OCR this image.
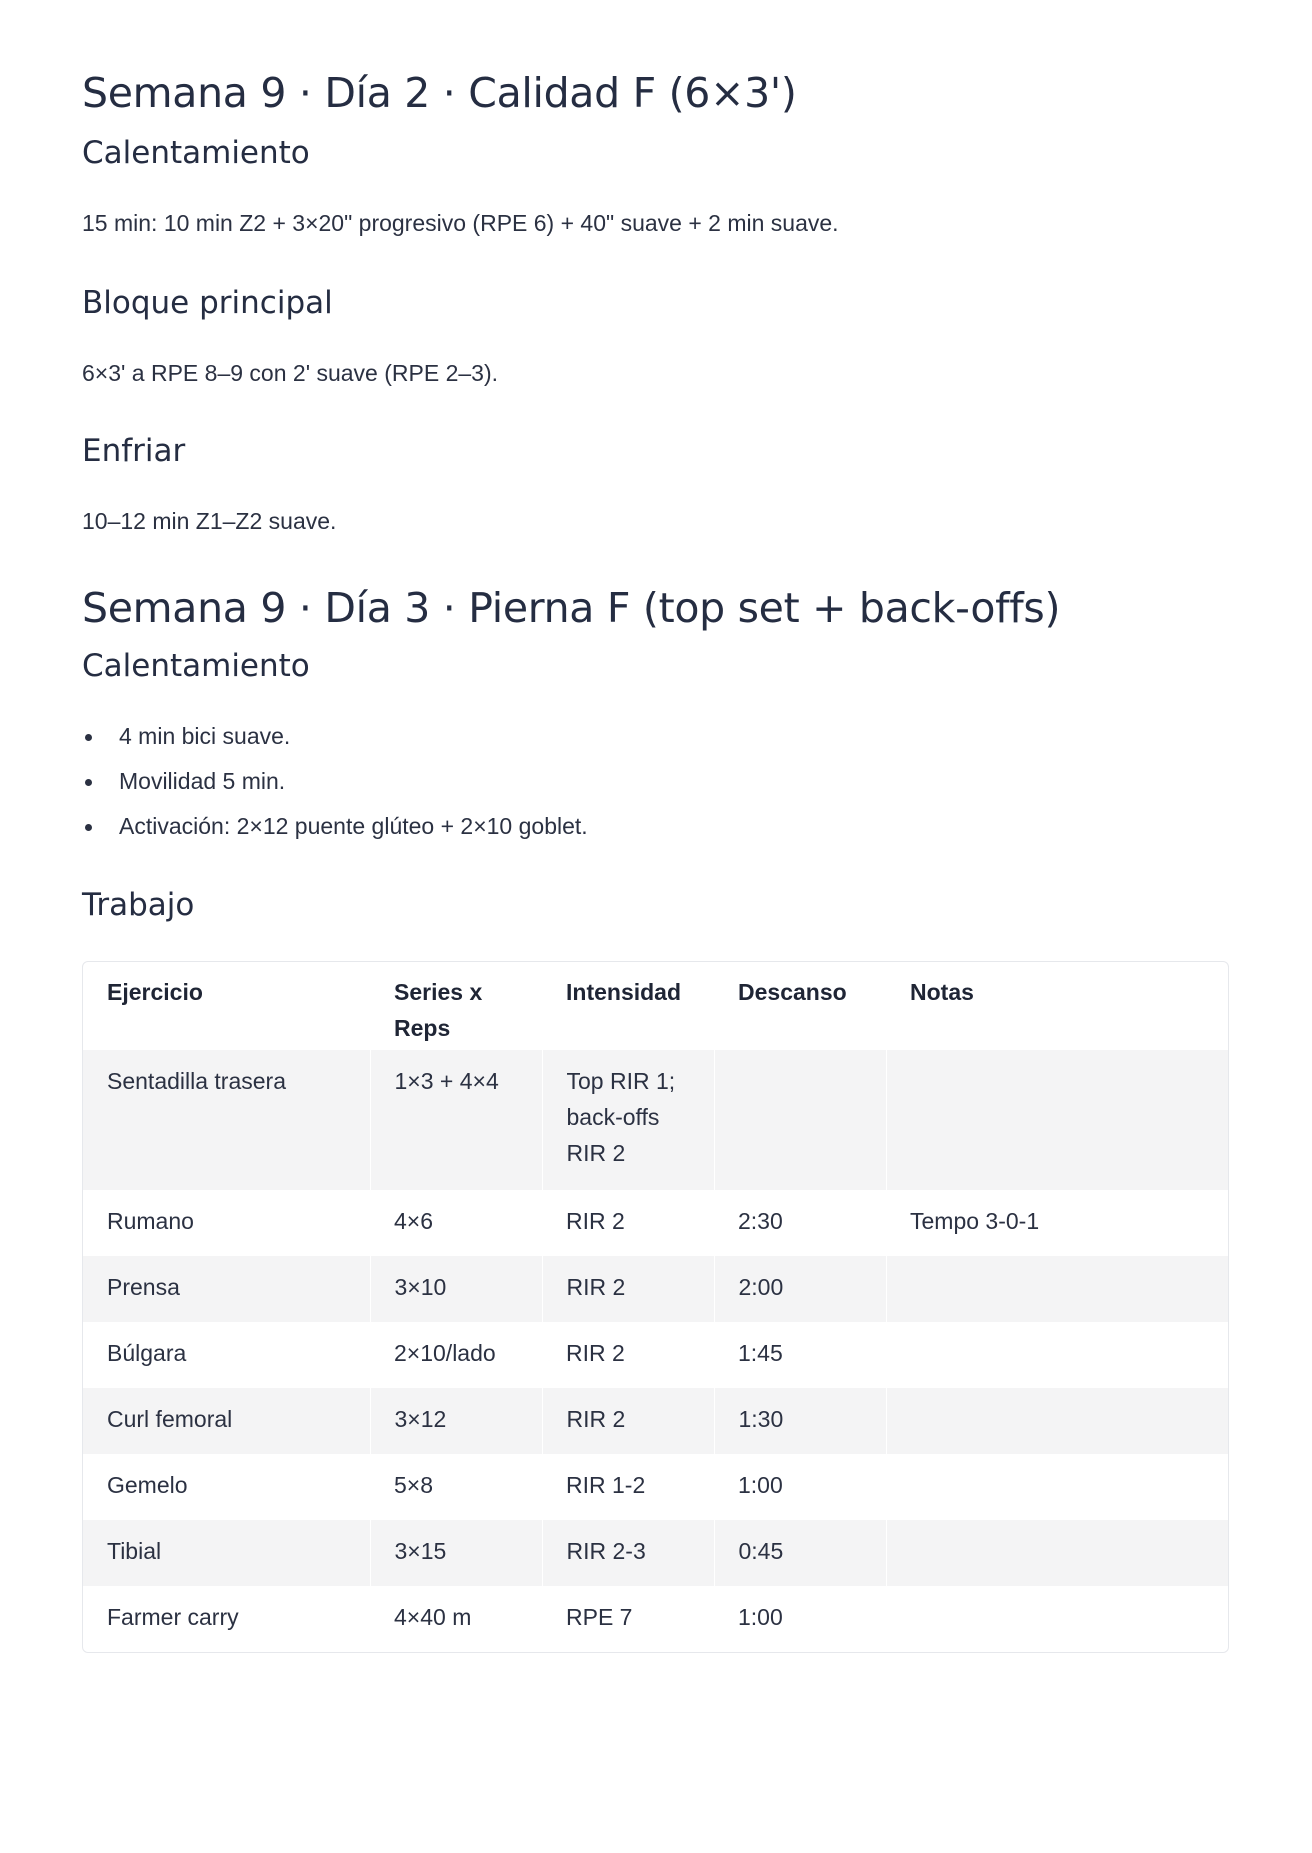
Semana 9 · Día 2 · Calidad F (6×3')
Calentamiento

15 min: 10 min Z2 + 3×20" progresivo (RPE 6) + 40" suave + 2 min suave.

Bloque principal

6×3' a RPE 8–9 con 2' suave (RPE 2–3).

Enfriar

10–12 min Z1–Z2 suave.

Semana 9 · Día 3 · Pierna F (top set + back-offs)
Calentamiento
4 min bici suave.
Movilidad 5 min.
Activación: 2×12 puente glúteo + 2×10 goblet.
Trabajo
Ejercicio	Series x Reps	Intensidad	Descanso	Notas
Sentadilla trasera	1×3 + 4×4	Top RIR 1; back-offs RIR 2		
Rumano	4×6	RIR 2	2:30	Tempo 3-0-1
Prensa	3×10	RIR 2	2:00	
Búlgara	2×10/lado	RIR 2	1:45	
Curl femoral	3×12	RIR 2	1:30	
Gemelo	5×8	RIR 1-2	1:00	
Tibial	3×15	RIR 2-3	0:45	
Farmer carry	4×40 m	RPE 7	1:00	
